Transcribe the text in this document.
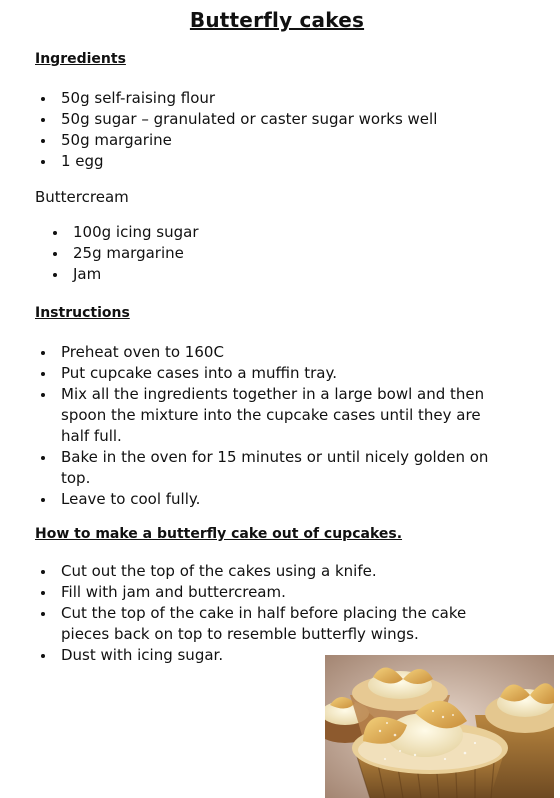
Butterfly cakes
Ingredients
50g self-raising flour
50g sugar – granulated or caster sugar works well
50g margarine
1 egg
Buttercream
100g icing sugar
25g margarine
Jam
Instructions
Preheat oven to 160C
Put cupcake cases into a muffin tray.
Mix all the ingredients together in a large bowl and then spoon the mixture into the cupcake cases until they are half full.
Bake in the oven for 15 minutes or until nicely golden on top.
Leave to cool fully.
How to make a butterfly cake out of cupcakes.
Cut out the top of the cakes using a knife.
Fill with jam and buttercream.
Cut the top of the cake in half before placing the cake pieces back on top to resemble butterfly wings.
Dust with icing sugar.
